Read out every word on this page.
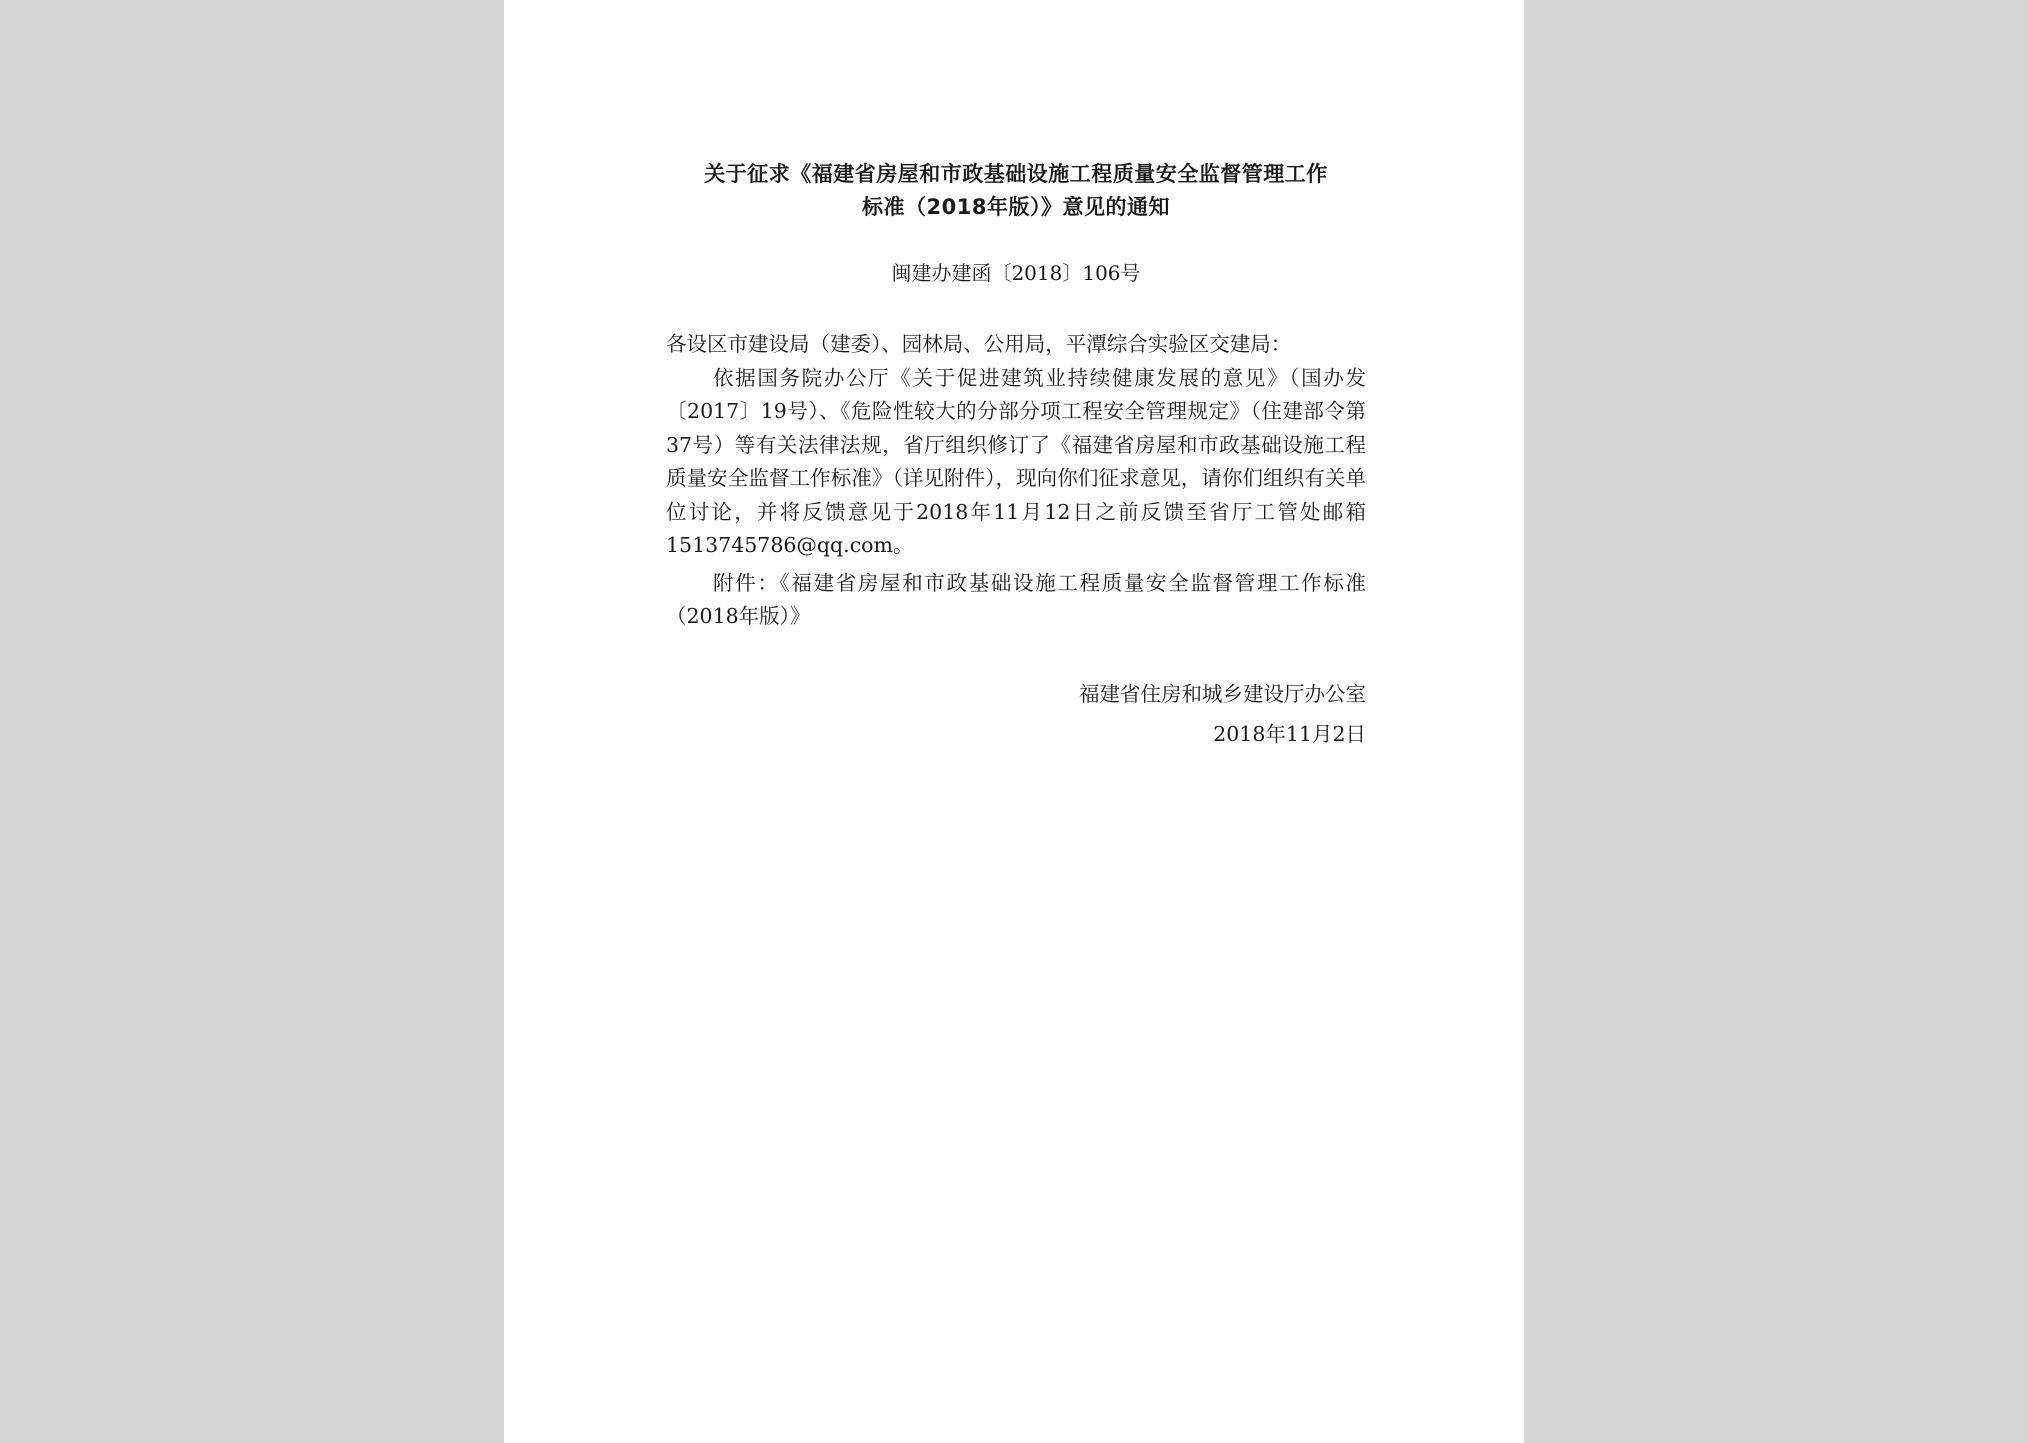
关于征求《福建省房屋和市政基础设施工程质量安全监督管理工作
标准（2018年版）》意见的通知
闽建办建函〔2018〕106号
各设区市建设局（建委）、园林局、公用局，平潭综合实验区交建局：
依据国务院办公厅《关于促进建筑业持续健康发展的意见》（国办发〔2017〕19号）、《危险性较大的分部分项工程安全管理规定》（住建部令第37号）等有关法律法规，省厅组织修订了《福建省房屋和市政基础设施工程质量安全监督工作标准》（详见附件），现向你们征求意见，请你们组织有关单位讨论，并将反馈意见于2018年11月12日之前反馈至省厅工管处邮箱1513745786@qq.com。
附件：《福建省房屋和市政基础设施工程质量安全监督管理工作标准（2018年版）》
福建省住房和城乡建设厅办公室
2018年11月2日
